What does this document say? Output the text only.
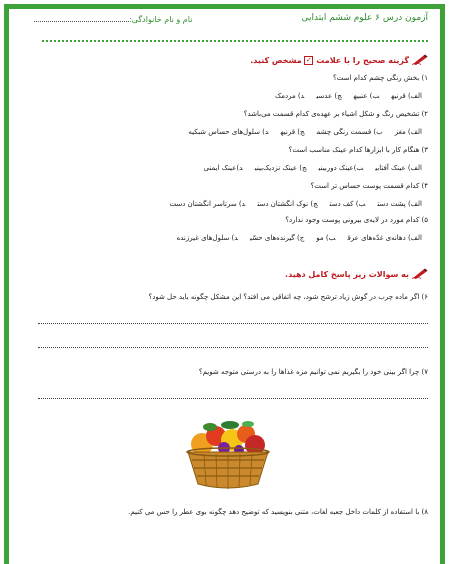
آزمون درس ۶ علوم ششم ابتدایی
نام و نام خانوادگی:
گزینه صحیح را با علامت ✓ مشخص کنید.
۱) بخش رنگی چشم کدام است؟
الف) قرنیهب) عنبیهج) عدسید) مردمک
۲) تشخیص رنگ و شکل اشیاء بر عهده‌ی کدام قسمت می‌باشد؟
الف) مغزب) قسمت رنگی چشمج) قرنیهد) سلول‌های حساس شبکیه
۳) هنگام کار با ابزارها کدام عینک مناسب است؟
الف) عینک آفتابیب)عینک دوربینیج) عینک نزدیک‌بینید)عینک ایمنی
۴) کدام قسمت پوست حساس تر است؟
الف) پشت دستب) کف دستج) نوک انگشتان دستد) سرتاسر انگشتان دست
۵) کدام مورد در لایه‌ی بیرونی پوست وجود ندارد؟
الف) دهانه‌ی غدّه‌های عرقب) موج) گیرنده‌های حسّید) سلول‌های غیرزنده
به سوالات زیر پاسخ کامل دهید.
۶) اگر ماده چرب در گوش زیاد ترشح شود، چه اتفاقی می افتد؟ این مشکل چگونه باید حل شود؟
۷) چرا اگر بینی خود را بگیریم نمی توانیم مزه غذاها را به درستی متوجه شویم؟
۸) با استفاده از کلمات داخل جعبه لغات، متنی بنویسید که توضیح دهد چگونه بوی عطر را حس می کنیم.
